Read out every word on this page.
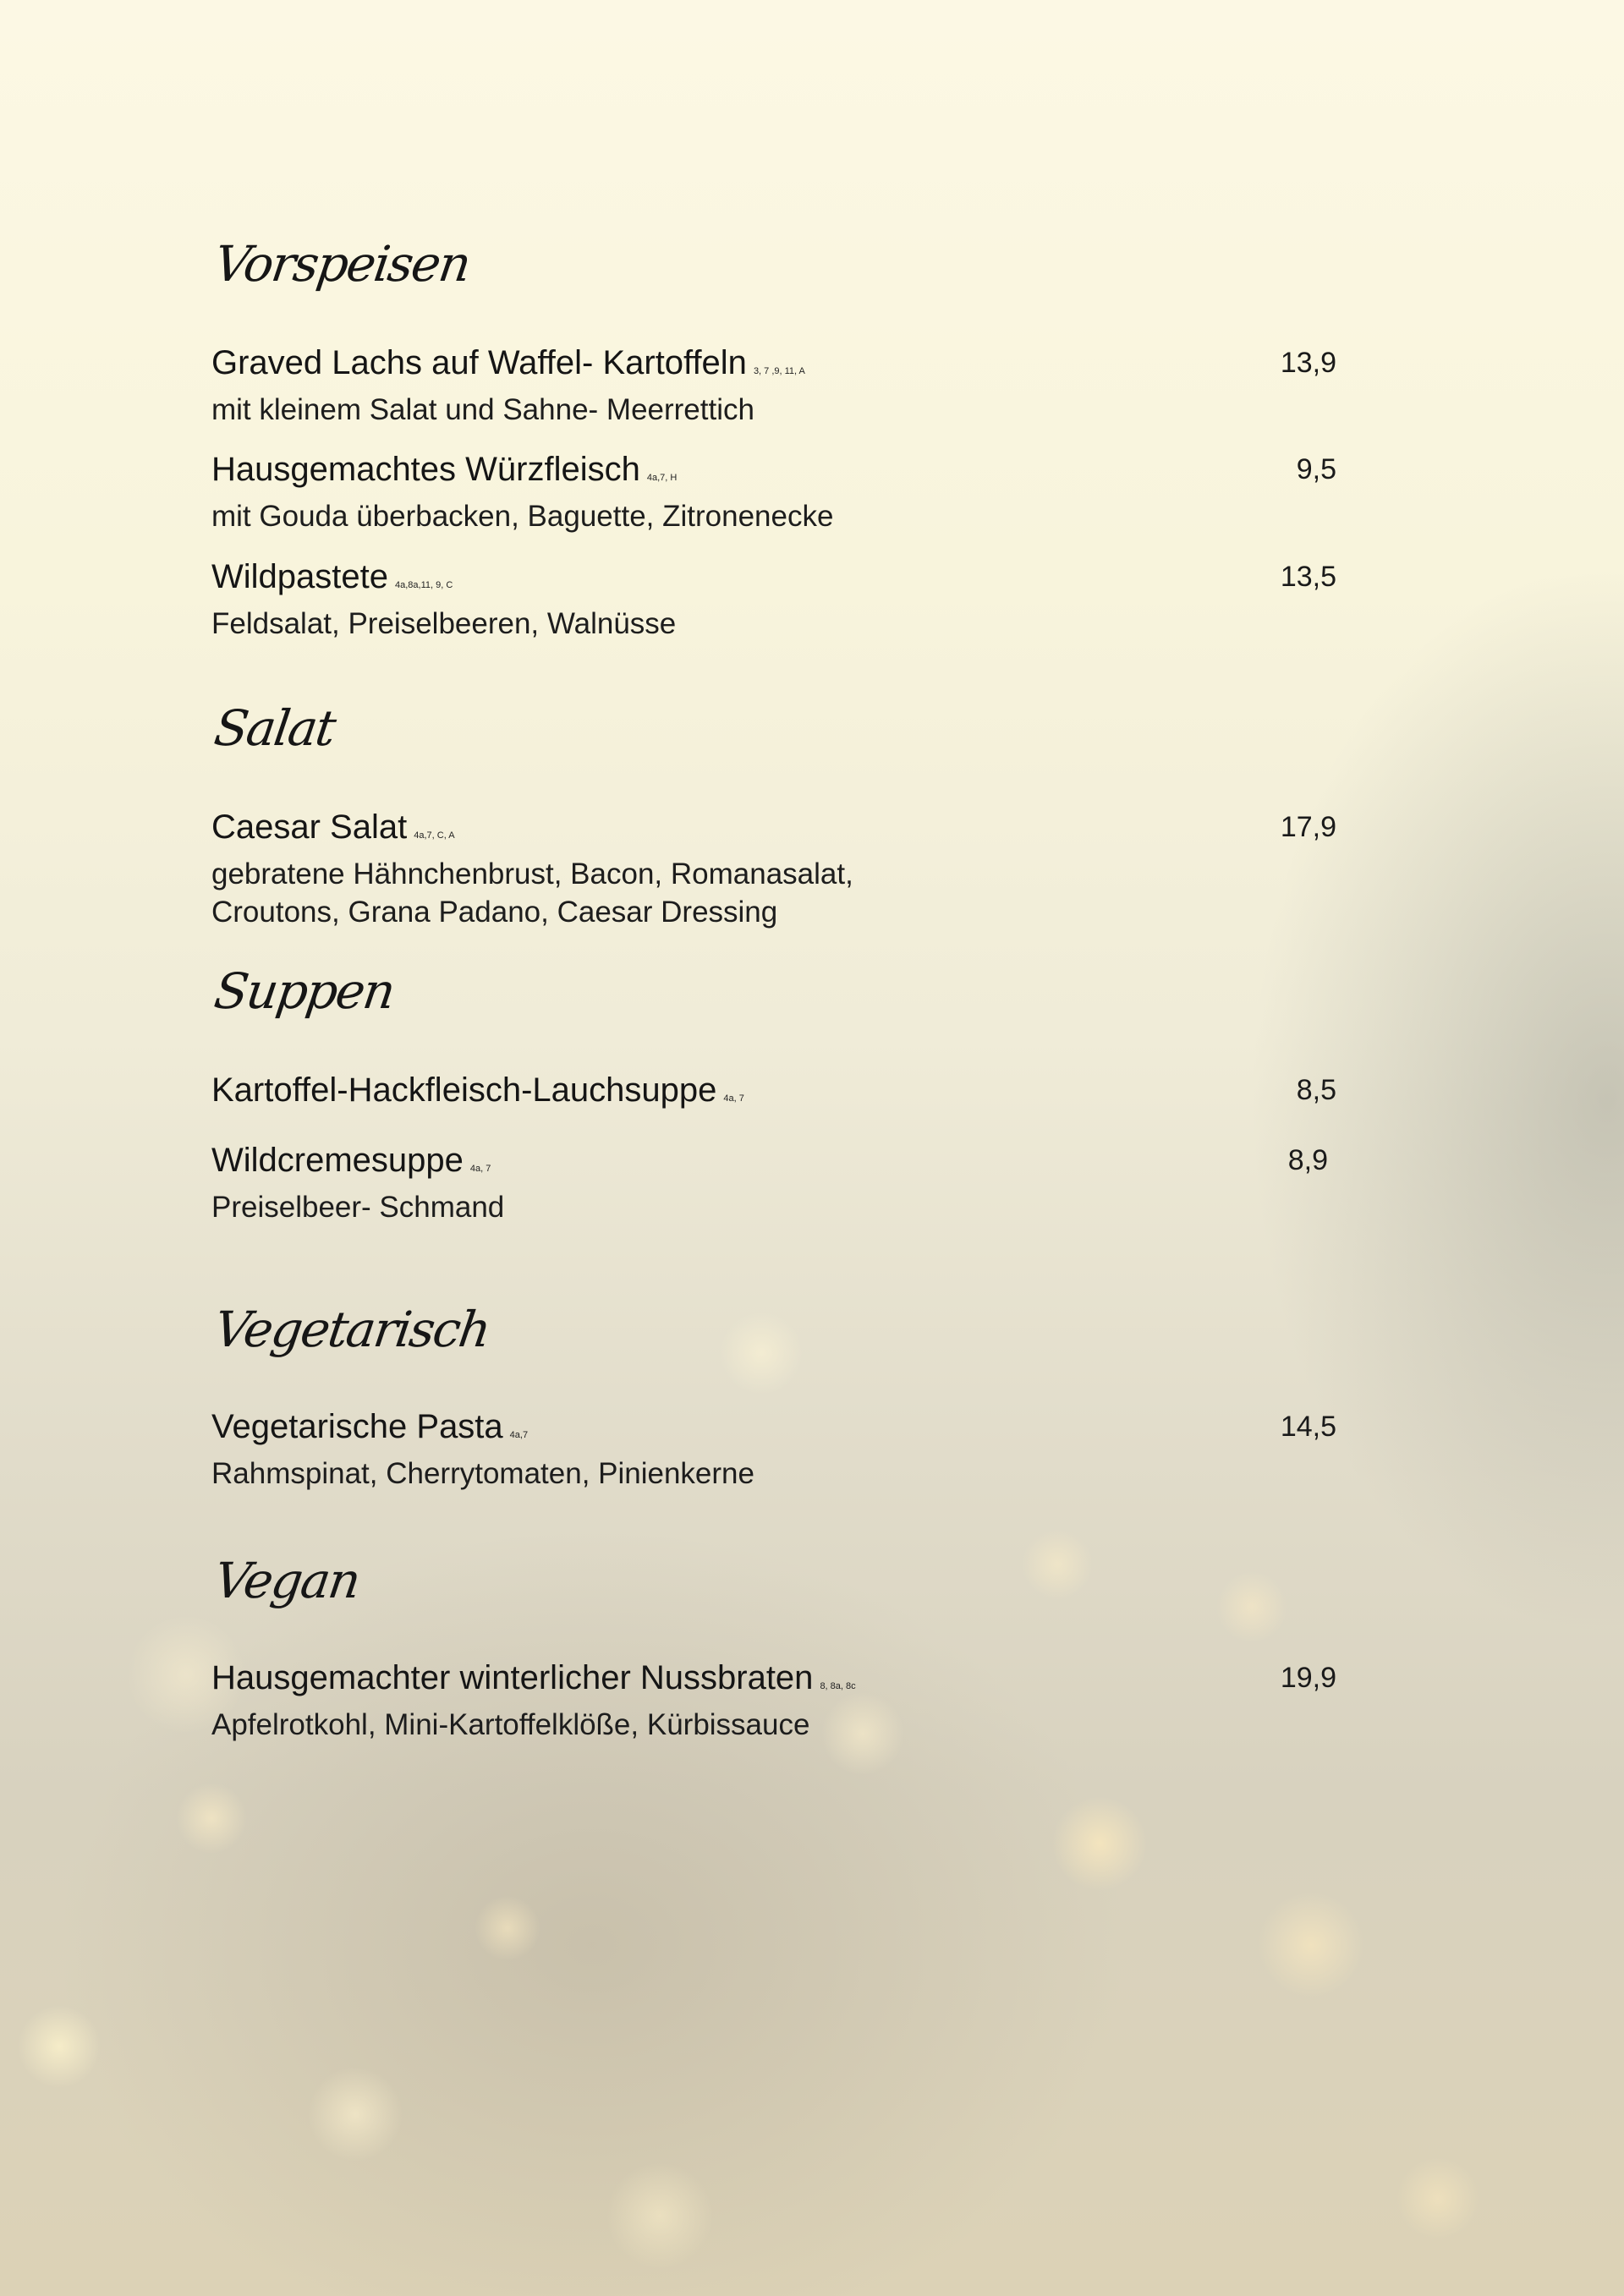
Vorspeisen
Graved Lachs auf Waffel- Kartoffeln 3, 7 ,9, 11, A
mit kleinem Salat und Sahne- Meerrettich
13,9
Hausgemachtes Würzfleisch 4a,7, H
mit Gouda überbacken, Baguette, Zitronenecke
9,5
Wildpastete 4a,8a,11, 9, C
Feldsalat, Preiselbeeren, Walnüsse
13,5
Salat
Caesar Salat 4a,7, C, A
gebratene Hähnchenbrust, Bacon, Romanasalat,
Croutons, Grana Padano, Caesar Dressing
17,9
Suppen
Kartoffel-Hackfleisch-Lauchsuppe 4a, 7	8,5
Wildcremesuppe 4a, 7
Preiselbeer- Schmand
8,9
Vegetarisch
Vegetarische Pasta 4a,7
Rahmspinat, Cherrytomaten, Pinienkerne
14,5
Vegan
Hausgemachter winterlicher Nussbraten 8, 8a, 8c
Apfelrotkohl, Mini-Kartoffelklöße, Kürbissauce
19,9
